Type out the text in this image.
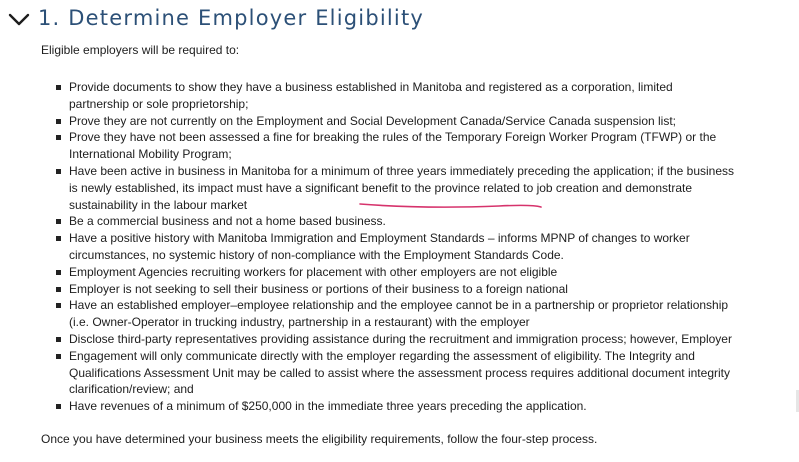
1. Determine Employer Eligibility
Eligible employers will be required to:
Provide documents to show they have a business established in Manitoba and registered as a corporation, limited partnership or sole proprietorship;
Prove they are not currently on the Employment and Social Development Canada/Service Canada suspension list;
Prove they have not been assessed a fine for breaking the rules of the Temporary Foreign Worker Program (TFWP) or the International Mobility Program;
Have been active in business in Manitoba for a minimum of three years immediately preceding the application; if the business is newly established, its impact must have a significant benefit to the province related to job creation and demonstrate sustainability in the labour market
Be a commercial business and not a home based business.
Have a positive history with Manitoba Immigration and Employment Standards – informs MPNP of changes to worker circumstances, no systemic history of non-compliance with the Employment Standards Code.
Employment Agencies recruiting workers for placement with other employers are not eligible
Employer is not seeking to sell their business or portions of their business to a foreign national
Have an established employer–employee relationship and the employee cannot be in a partnership or proprietor relationship (i.e. Owner-Operator in trucking industry, partnership in a restaurant) with the employer
Disclose third-party representatives providing assistance during the recruitment and immigration process; however, Employer
Engagement will only communicate directly with the employer regarding the assessment of eligibility. The Integrity and Qualifications Assessment Unit may be called to assist where the assessment process requires additional document integrity clarification/review; and
Have revenues of a minimum of $250,000 in the immediate three years preceding the application.
Once you have determined your business meets the eligibility requirements, follow the four-step process.
